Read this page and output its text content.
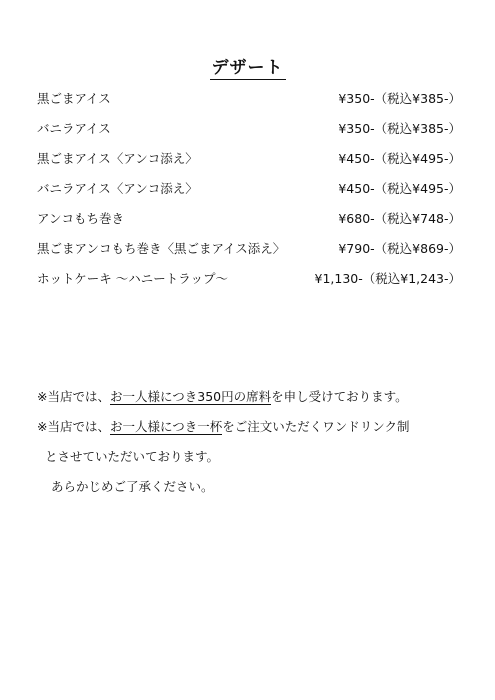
デザート
黒ごまアイス	¥350-（税込¥385-）
バニラアイス	¥350-（税込¥385-）
黒ごまアイス〈アンコ添え〉	¥450-（税込¥495-）
バニラアイス〈アンコ添え〉	¥450-（税込¥495-）
アンコもち巻き	¥680-（税込¥748-）
黒ごまアンコもち巻き〈黒ごまアイス添え〉	¥790-（税込¥869-）
ホットケーキ 〜ハニートラップ〜	¥1,130-（税込¥1,243-）
※当店では、お一人様につき350円の席料を申し受けております。
※当店では、お一人様につき一杯をご注文いただくワンドリンク制
とさせていただいております。
あらかじめご了承ください。
